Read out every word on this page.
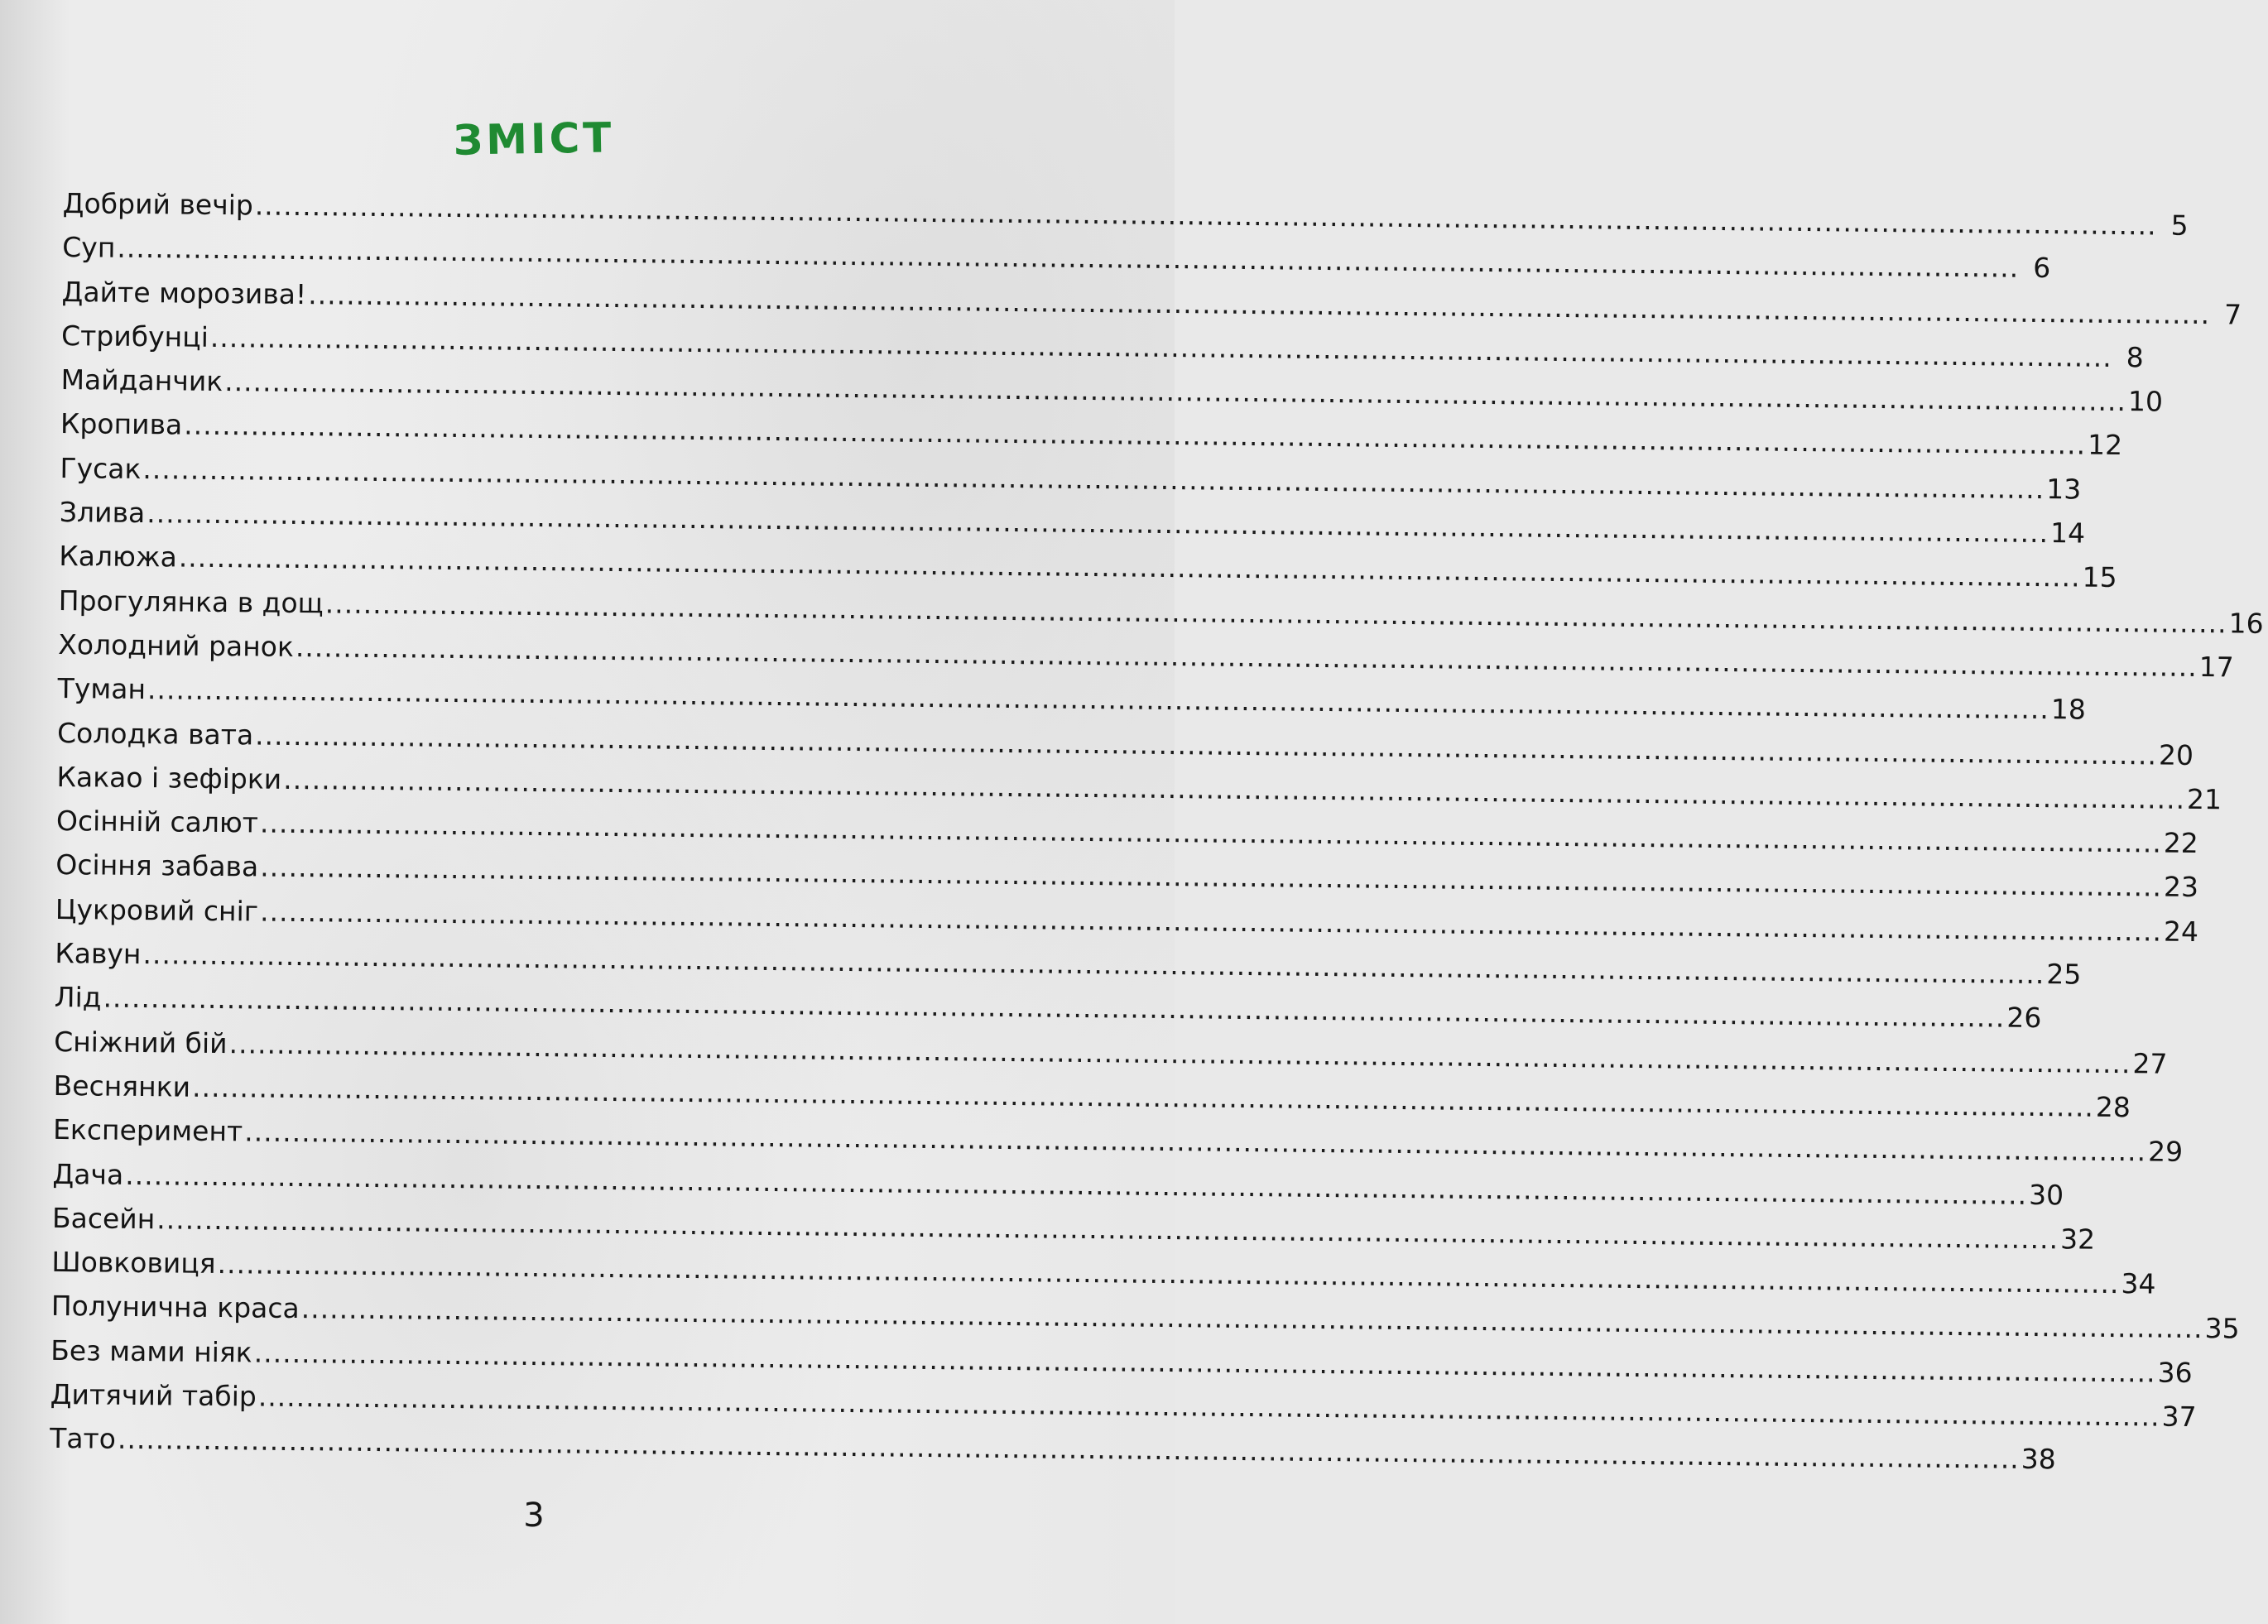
ЗМІСТ
Добрий вечір ........................................................................................................................................................................................................ 5
Суп ........................................................................................................................................................................................................ 6
Дайте морозива! ........................................................................................................................................................................................................ 7
Стрибунці ........................................................................................................................................................................................................ 8
Майданчик ........................................................................................................................................................................................................ 10
Кропива ........................................................................................................................................................................................................ 12
Гусак ........................................................................................................................................................................................................ 13
Злива ........................................................................................................................................................................................................ 14
Калюжа ........................................................................................................................................................................................................ 15
Прогулянка в дощ ........................................................................................................................................................................................................ 16
Холодний ранок ........................................................................................................................................................................................................ 17
Туман ........................................................................................................................................................................................................ 18
Солодка вата ........................................................................................................................................................................................................ 20
Какао і зефірки ........................................................................................................................................................................................................ 21
Осінній салют ........................................................................................................................................................................................................ 22
Осіння забава ........................................................................................................................................................................................................ 23
Цукровий сніг ........................................................................................................................................................................................................ 24
Кавун ........................................................................................................................................................................................................ 25
Лід ........................................................................................................................................................................................................ 26
Сніжний бій ........................................................................................................................................................................................................ 27
Веснянки ........................................................................................................................................................................................................ 28
Експеримент ........................................................................................................................................................................................................ 29
Дача ........................................................................................................................................................................................................ 30
Басейн ........................................................................................................................................................................................................ 32
Шовковиця ........................................................................................................................................................................................................ 34
Полунична краса ........................................................................................................................................................................................................ 35
Без мами ніяк ........................................................................................................................................................................................................ 36
Дитячий табір ........................................................................................................................................................................................................ 37
Тато ........................................................................................................................................................................................................ 38
3
